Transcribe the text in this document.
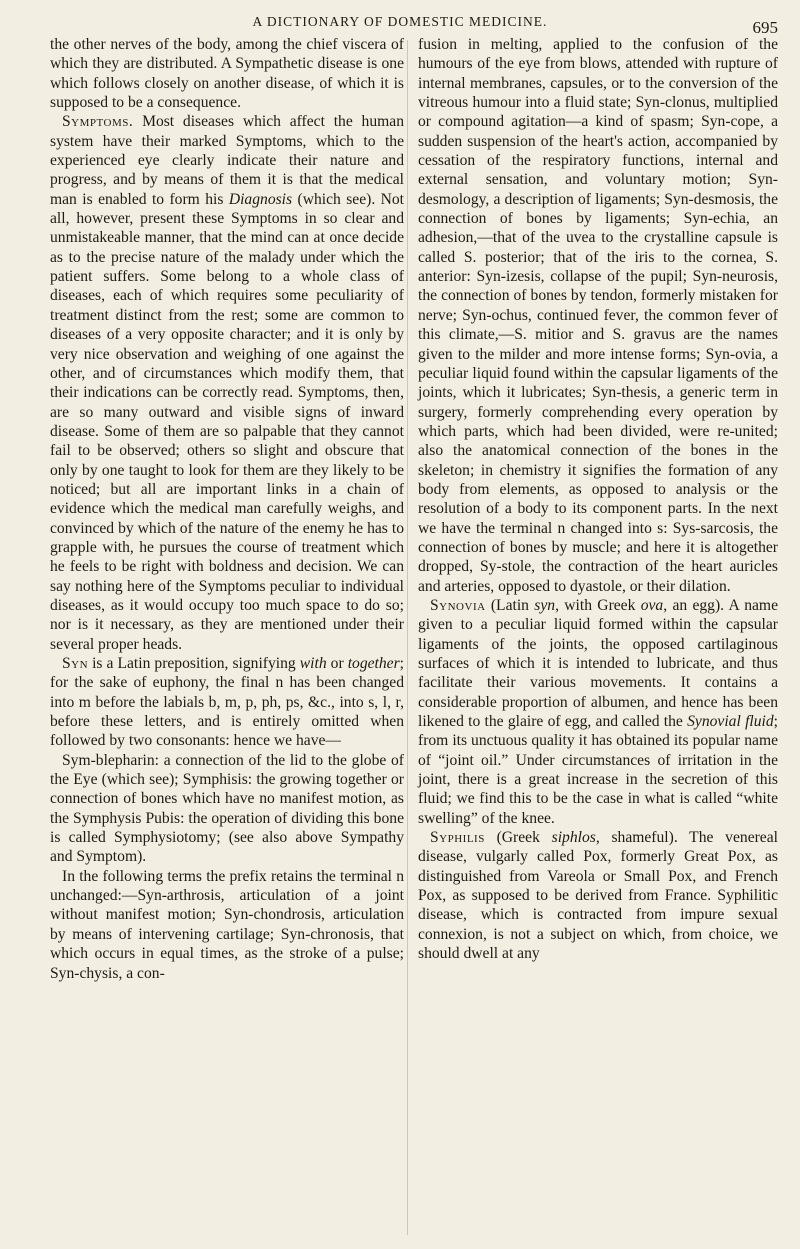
A DICTIONARY OF DOMESTIC MEDICINE.	695

the other nerves of the body, among the chief viscera of which they are distributed. A Sympathetic disease is one which follows closely on another disease, of which it is supposed to be a consequence.

Symptoms. Most diseases which affect the human system have their marked Symptoms, which to the experienced eye clearly indicate their nature and progress, and by means of them it is that the medical man is enabled to form his Diagnosis (which see). Not all, however, present these Symptoms in so clear and unmistakeable manner, that the mind can at once decide as to the precise nature of the malady under which the patient suffers. Some belong to a whole class of diseases, each of which requires some peculiarity of treatment distinct from the rest; some are common to diseases of a very opposite character; and it is only by very nice observation and weighing of one against the other, and of circumstances which modify them, that their indications can be correctly read. Symptoms, then, are so many outward and visible signs of inward disease. Some of them are so palpable that they cannot fail to be observed; others so slight and obscure that only by one taught to look for them are they likely to be noticed; but all are important links in a chain of evidence which the medical man carefully weighs, and convinced by which of the nature of the enemy he has to grapple with, he pursues the course of treatment which he feels to be right with boldness and decision. We can say nothing here of the Symptoms peculiar to individual diseases, as it would occupy too much space to do so; nor is it necessary, as they are mentioned under their several proper heads.

Syn is a Latin preposition, signifying with or together; for the sake of euphony, the final n has been changed into m before the labials b, m, p, ph, ps, &c., into s, l, r, before these letters, and is entirely omitted when followed by two consonants: hence we have—

Sym-blepharin: a connection of the lid to the globe of the Eye (which see); Symphisis: the growing together or connection of bones which have no manifest motion, as the Symphysis Pubis: the operation of dividing this bone is called Symphysiotomy; (see also above Sympathy and Symptom).

In the following terms the prefix retains the terminal n unchanged:—Syn-arthrosis, articulation of a joint without manifest motion; Syn-chondrosis, articulation by means of intervening cartilage; Syn-chronosis, that which occurs in equal times, as the stroke of a pulse; Syn-chysis, a con-

fusion in melting, applied to the confusion of the humours of the eye from blows, attended with rupture of internal membranes, capsules, or to the conversion of the vitreous humour into a fluid state; Syn-clonus, multiplied or compound agitation—a kind of spasm; Syn-cope, a sudden suspension of the heart's action, accompanied by cessation of the respiratory functions, internal and external sensation, and voluntary motion; Syn-desmology, a description of ligaments; Syn-desmosis, the connection of bones by ligaments; Syn-echia, an adhesion,—that of the uvea to the crystalline capsule is called S. posterior; that of the iris to the cornea, S. anterior: Syn-izesis, collapse of the pupil; Syn-neurosis, the connection of bones by tendon, formerly mistaken for nerve; Syn-ochus, continued fever, the common fever of this climate,—S. mitior and S. gravus are the names given to the milder and more intense forms; Syn-ovia, a peculiar liquid found within the capsular ligaments of the joints, which it lubricates; Syn-thesis, a generic term in surgery, formerly comprehending every operation by which parts, which had been divided, were re-united; also the anatomical connection of the bones in the skeleton; in chemistry it signifies the formation of any body from elements, as opposed to analysis or the resolution of a body to its component parts. In the next we have the terminal n changed into s: Sys-sarcosis, the connection of bones by muscle; and here it is altogether dropped, Sy-stole, the contraction of the heart auricles and arteries, opposed to dyastole, or their dilation.

Synovia (Latin syn, with Greek ova, an egg). A name given to a peculiar liquid formed within the capsular ligaments of the joints, the opposed cartilaginous surfaces of which it is intended to lubricate, and thus facilitate their various movements. It contains a considerable proportion of albumen, and hence has been likened to the glaire of egg, and called the Synovial fluid; from its unctuous quality it has obtained its popular name of “joint oil.” Under circumstances of irritation in the joint, there is a great increase in the secretion of this fluid; we find this to be the case in what is called “white swelling” of the knee.

Syphilis (Greek siphlos, shameful). The venereal disease, vulgarly called Pox, formerly Great Pox, as distinguished from Vareola or Small Pox, and French Pox, as supposed to be derived from France. Syphilitic disease, which is contracted from impure sexual connexion, is not a subject on which, from choice, we should dwell at any
